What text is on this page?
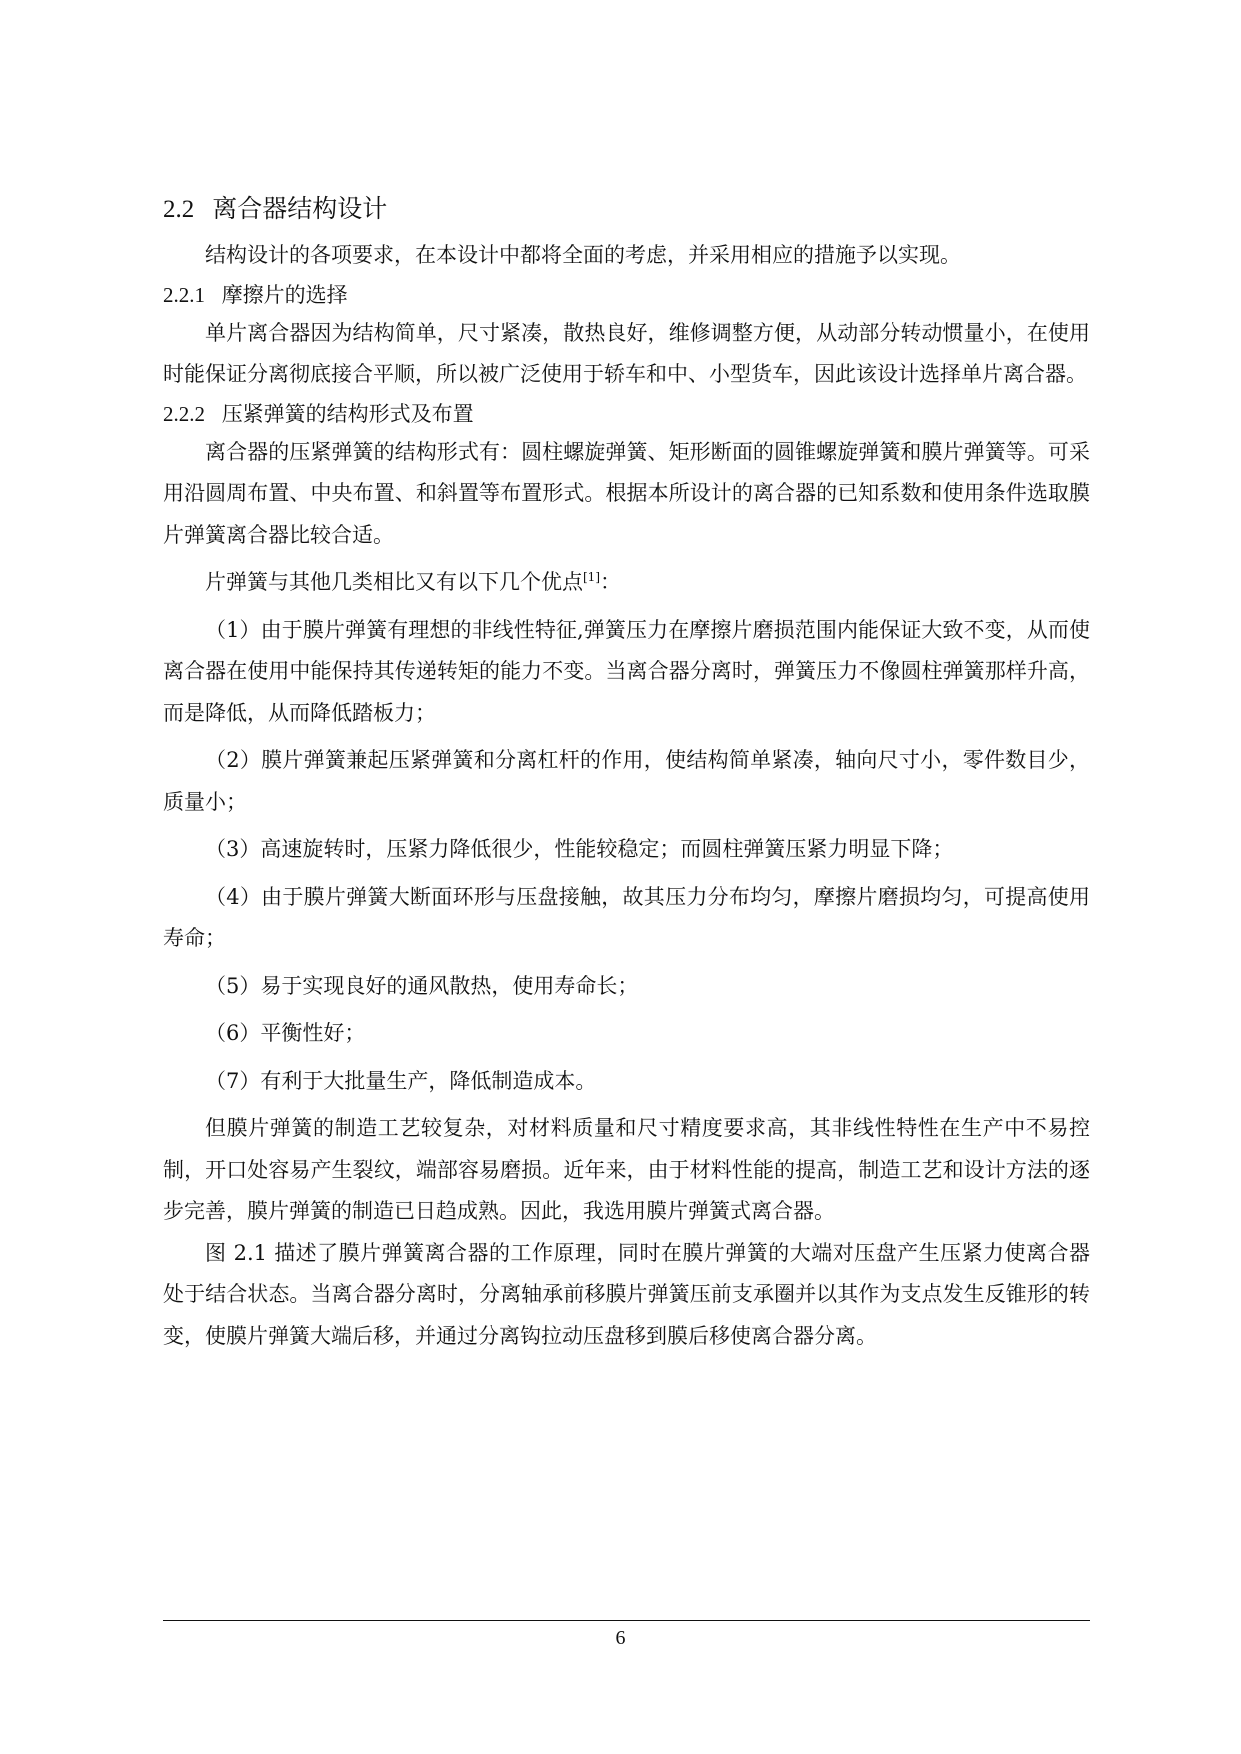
2.2 离合器结构设计

结构设计的各项要求，在本设计中都将全面的考虑，并采用相应的措施予以实现。

2.2.1 摩擦片的选择

单片离合器因为结构简单，尺寸紧凑，散热良好，维修调整方便，从动部分转动惯量小，在使用时能保证分离彻底接合平顺，所以被广泛使用于轿车和中、小型货车，因此该设计选择单片离合器。

2.2.2 压紧弹簧的结构形式及布置

离合器的压紧弹簧的结构形式有：圆柱螺旋弹簧、矩形断面的圆锥螺旋弹簧和膜片弹簧等。可采用沿圆周布置、中央布置、和斜置等布置形式。根据本所设计的离合器的已知系数和使用条件选取膜片弹簧离合器比较合适。

片弹簧与其他几类相比又有以下几个优点[1]：

（1）由于膜片弹簧有理想的非线性特征,弹簧压力在摩擦片磨损范围内能保证大致不变，从而使离合器在使用中能保持其传递转矩的能力不变。当离合器分离时，弹簧压力不像圆柱弹簧那样升高，而是降低，从而降低踏板力；

（2）膜片弹簧兼起压紧弹簧和分离杠杆的作用，使结构简单紧凑，轴向尺寸小，零件数目少，质量小；

（3）高速旋转时，压紧力降低很少，性能较稳定；而圆柱弹簧压紧力明显下降；

（4）由于膜片弹簧大断面环形与压盘接触，故其压力分布均匀，摩擦片磨损均匀，可提高使用寿命；

（5）易于实现良好的通风散热，使用寿命长；

（6）平衡性好；

（7）有利于大批量生产，降低制造成本。

但膜片弹簧的制造工艺较复杂，对材料质量和尺寸精度要求高，其非线性特性在生产中不易控制，开口处容易产生裂纹，端部容易磨损。近年来，由于材料性能的提高，制造工艺和设计方法的逐步完善，膜片弹簧的制造已日趋成熟。因此，我选用膜片弹簧式离合器。

图 2.1 描述了膜片弹簧离合器的工作原理，同时在膜片弹簧的大端对压盘产生压紧力使离合器处于结合状态。当离合器分离时，分离轴承前移膜片弹簧压前支承圈并以其作为支点发生反锥形的转变，使膜片弹簧大端后移，并通过分离钩拉动压盘移到膜后移使离合器分离。

6
